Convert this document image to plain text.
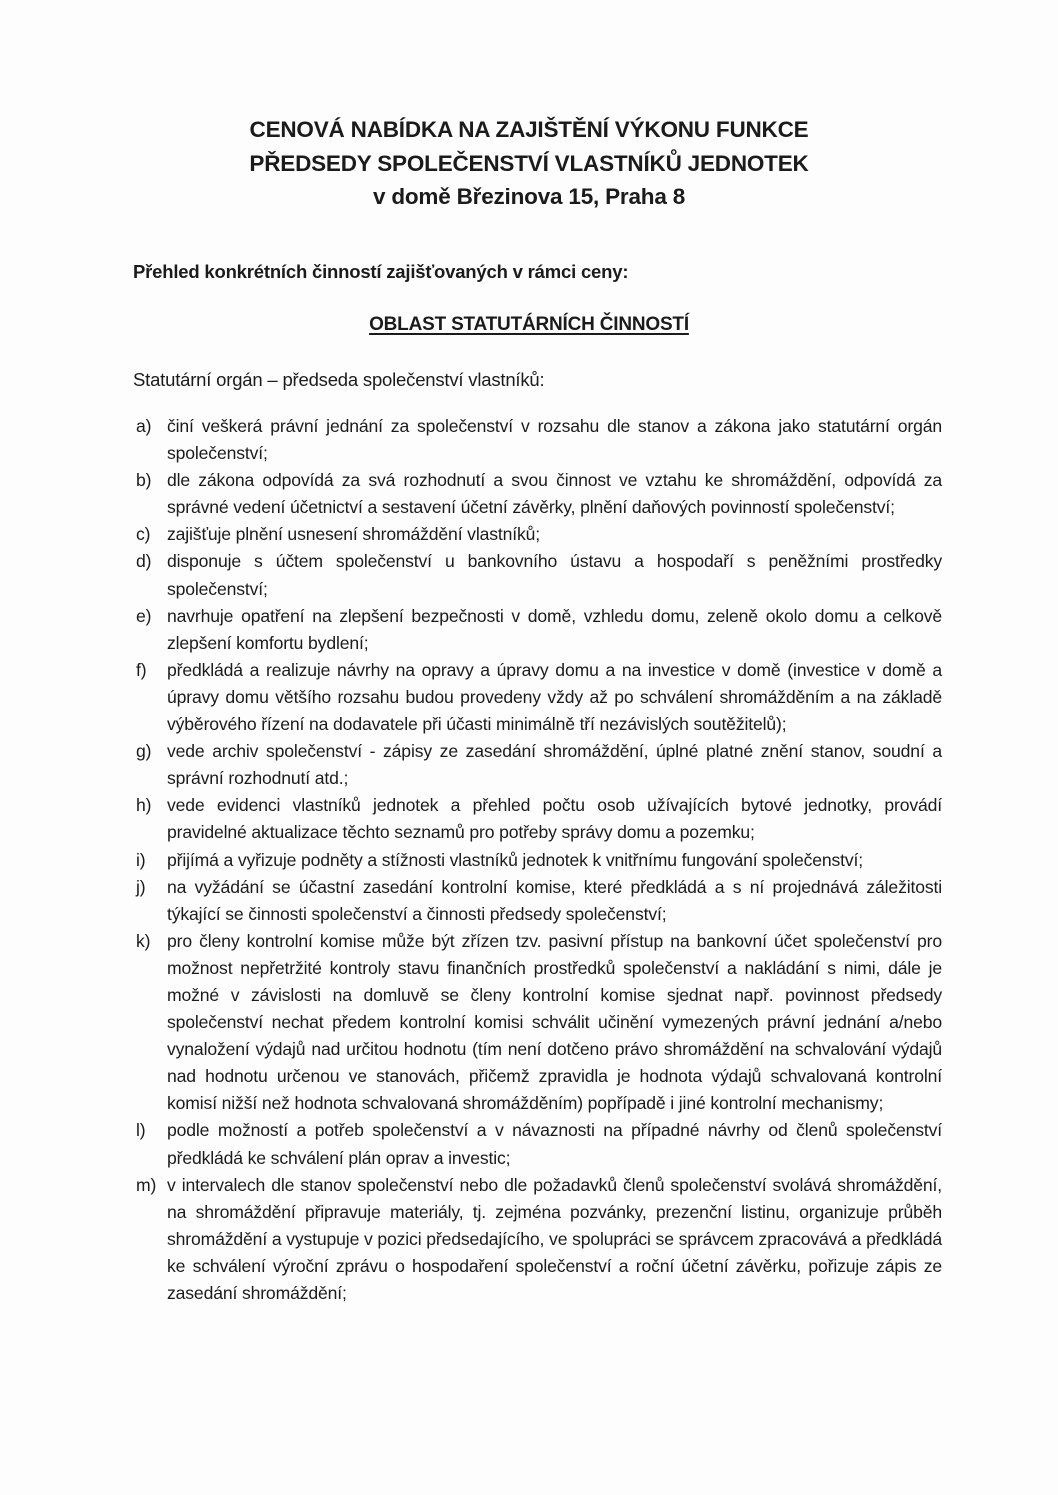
CENOVÁ NABÍDKA NA ZAJIŠTĚNÍ VÝKONU FUNKCE
PŘEDSEDY SPOLEČENSTVÍ VLASTNÍKŮ JEDNOTEK
v domě Březinova 15, Praha 8
Přehled konkrétních činností zajišťovaných v rámci ceny:
OBLAST STATUTÁRNÍCH ČINNOSTÍ
Statutární orgán – předseda společenství vlastníků:
a) činí veškerá právní jednání za společenství v rozsahu dle stanov a zákona jako statutární orgán společenství;
b) dle zákona odpovídá za svá rozhodnutí a svou činnost ve vztahu ke shromáždění, odpovídá za správné vedení účetnictví a sestavení účetní závěrky, plnění daňových povinností společenství;
c) zajišťuje plnění usnesení shromáždění vlastníků;
d) disponuje s účtem společenství u bankovního ústavu a hospodaří s peněžními prostředky společenství;
e) navrhuje opatření na zlepšení bezpečnosti v domě, vzhledu domu, zeleně okolo domu a celkově zlepšení komfortu bydlení;
f)	předkládá a realizuje návrhy na opravy a úpravy domu a na investice v domě (investice v domě a úpravy domu většího rozsahu budou provedeny vždy až po schválení shromážděním a na základě výběrového řízení na dodavatele při účasti minimálně tří nezávislých soutěžitelů);
g) vede archiv společenství - zápisy ze zasedání shromáždění, úplné platné znění stanov, soudní a správní rozhodnutí atd.;
h) vede evidenci vlastníků jednotek a přehled počtu osob užívajících bytové jednotky, provádí pravidelné aktualizace těchto seznamů pro potřeby správy domu a pozemku;
i)	přijímá a vyřizuje podněty a stížnosti vlastníků jednotek k vnitřnímu fungování společenství;
j)	na vyžádání se účastní zasedání kontrolní komise, které předkládá a s ní projednává záležitosti týkající se činnosti společenství a činnosti předsedy společenství;
k) pro členy kontrolní komise může být zřízen tzv. pasivní přístup na bankovní účet společenství pro možnost nepřetržité kontroly stavu finančních prostředků společenství a nakládání s nimi, dále je možné v závislosti na domluvě se členy kontrolní komise sjednat např. povinnost předsedy společenství nechat předem kontrolní komisi schválit učinění vymezených právní jednání a/nebo vynaložení výdajů nad určitou hodnotu (tím není dotčeno právo shromáždění na schvalování výdajů nad hodnotu určenou ve stanovách, přičemž zpravidla je hodnota výdajů schvalovaná kontrolní komisí nižší než hodnota schvalovaná shromážděním) popřípadě i jiné kontrolní mechanismy;
l)	podle možností a potřeb společenství a v návaznosti na případné návrhy od členů společenství předkládá ke schválení plán oprav a investic;
m) v intervalech dle stanov společenství nebo dle požadavků členů společenství svolává shromáždění, na shromáždění připravuje materiály, tj. zejména pozvánky, prezenční listinu, organizuje průběh shromáždění a vystupuje v pozici předsedajícího, ve spolupráci se správcem zpracovává a předkládá ke schválení výroční zprávu o hospodaření společenství a roční účetní závěrku, pořizuje zápis ze zasedání shromáždění;
